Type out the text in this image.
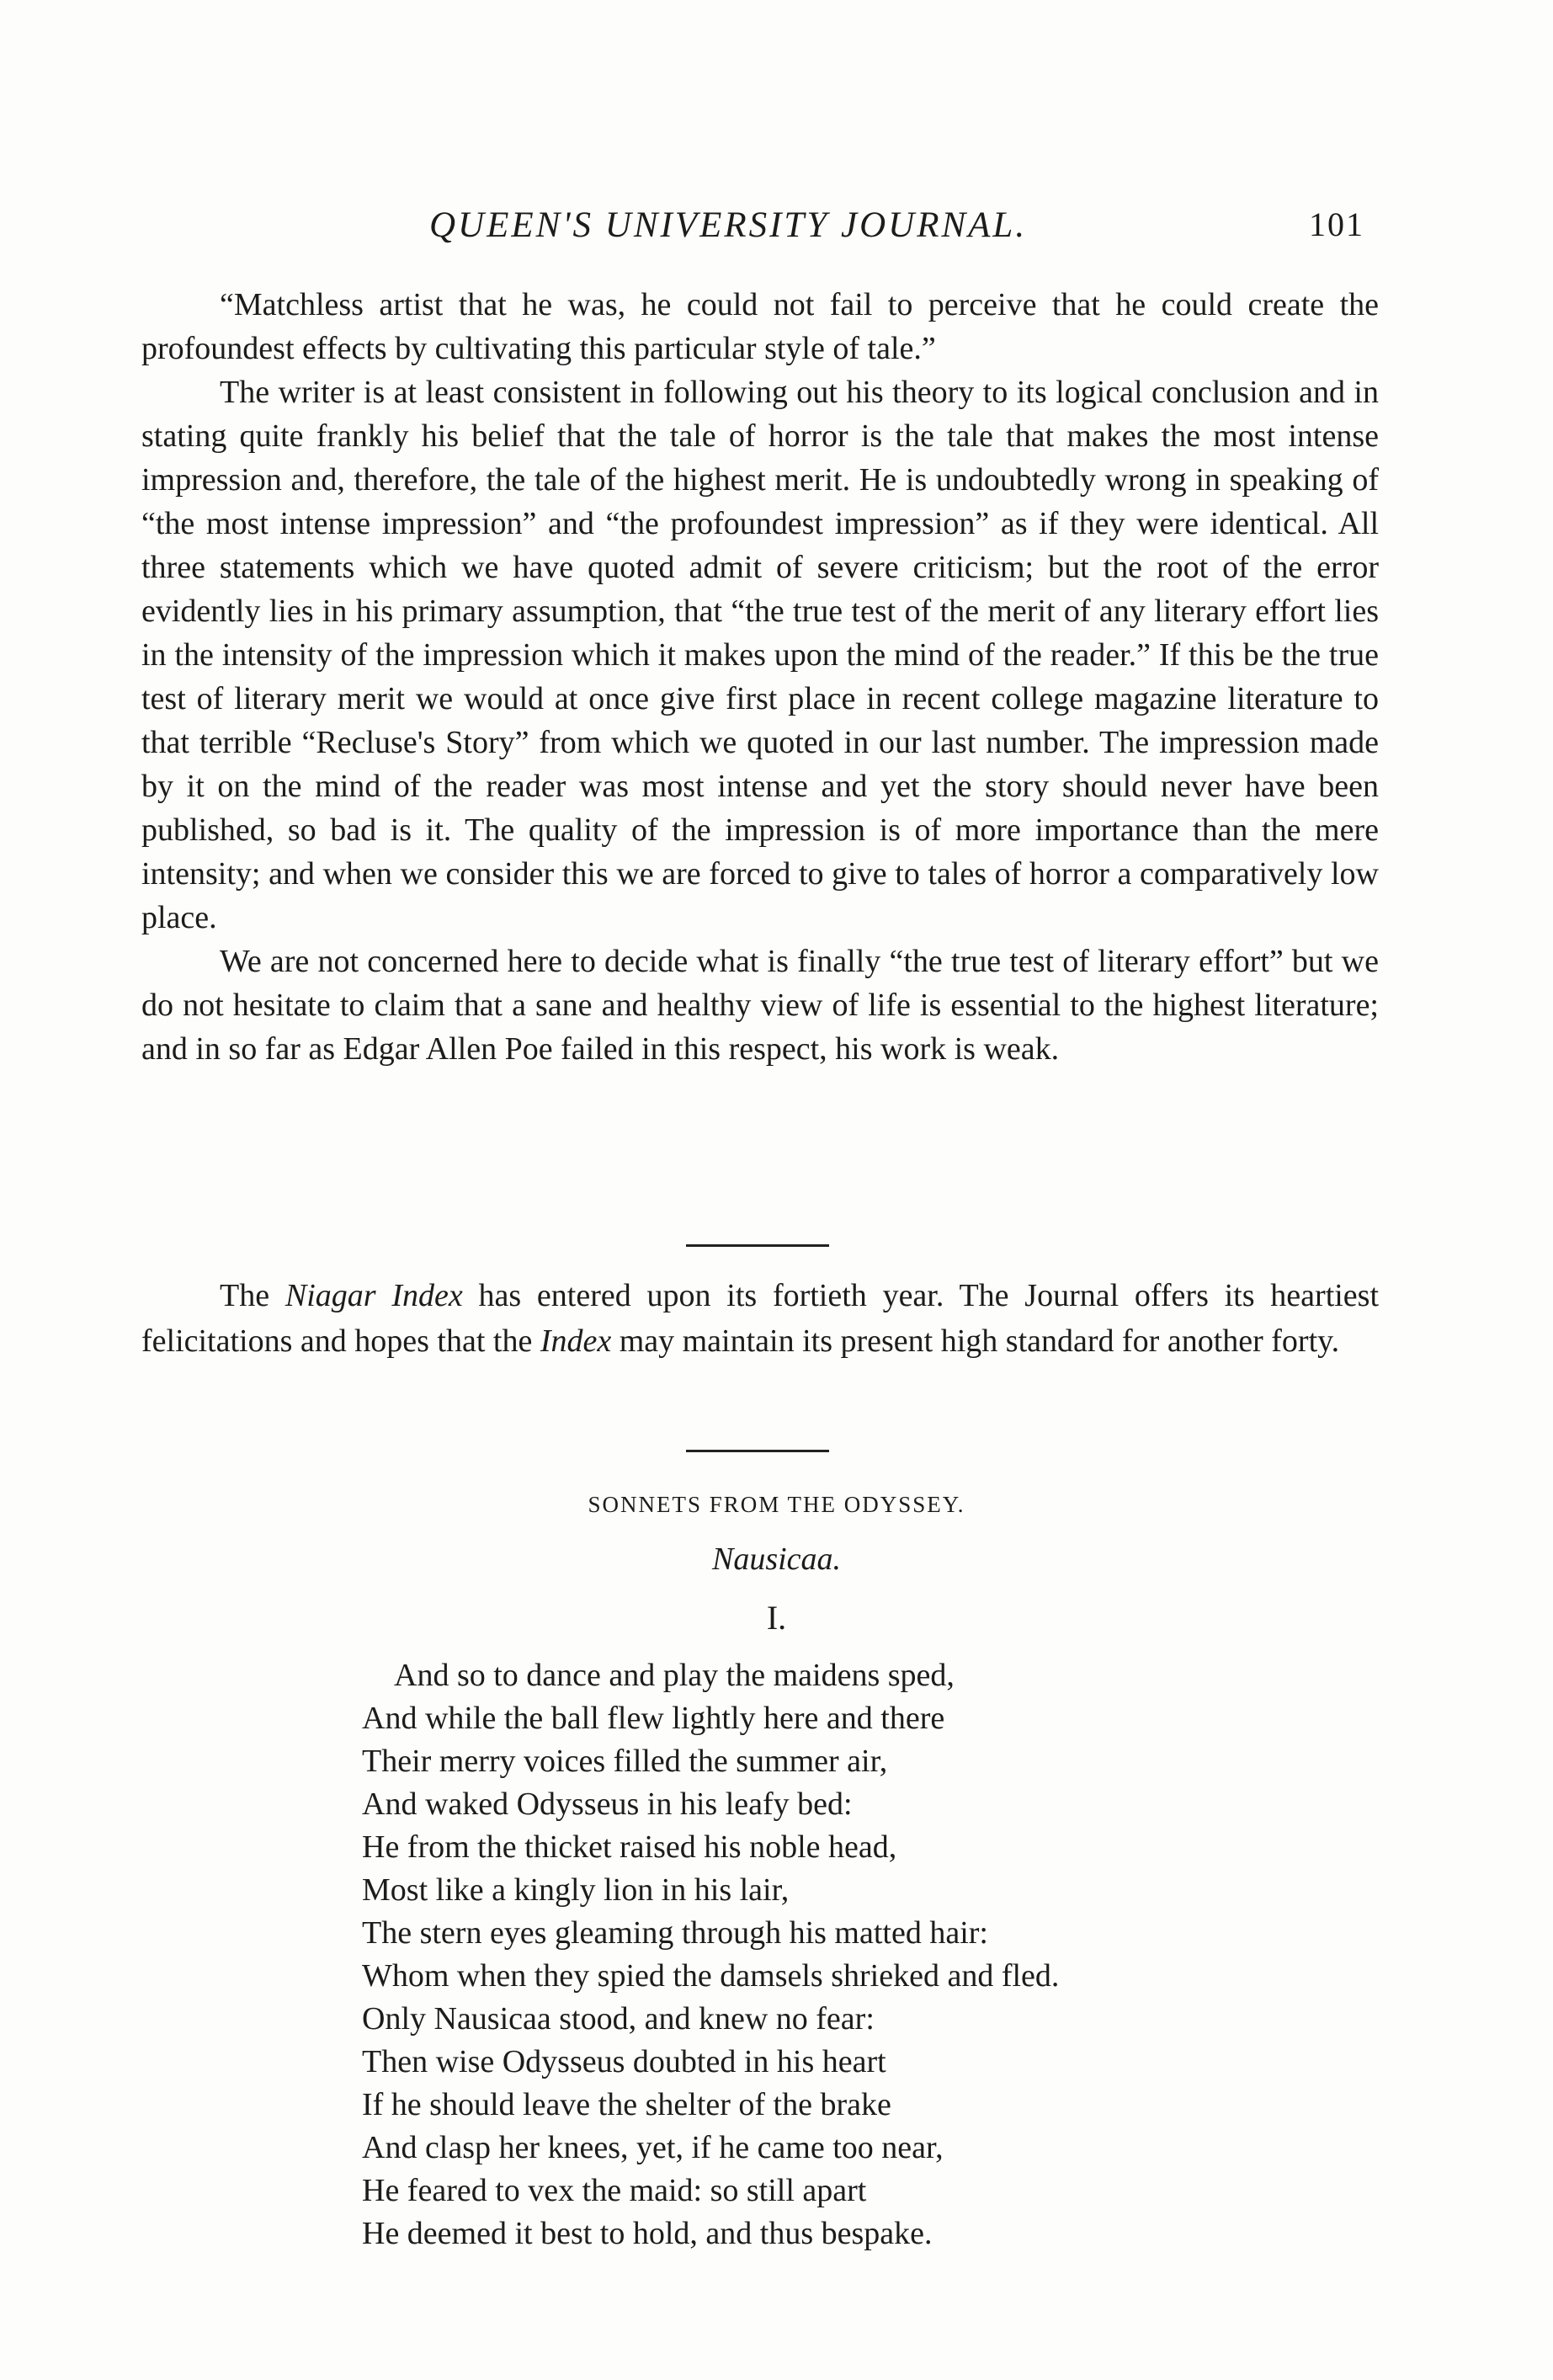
QUEEN'S UNIVERSITY JOURNAL.	101

“Matchless artist that he was, he could not fail to perceive that he could create the profoundest effects by cultivating this particular style of tale.”

The writer is at least consistent in following out his theory to its logical conclusion and in stating quite frankly his belief that the tale of horror is the tale that makes the most intense impression and, therefore, the tale of the highest merit. He is undoubtedly wrong in speaking of “the most intense impression” and “the profoundest impression” as if they were identical. All three statements which we have quoted admit of severe criticism; but the root of the error evidently lies in his primary assumption, that “the true test of the merit of any literary effort lies in the intensity of the impression which it makes upon the mind of the reader.” If this be the true test of literary merit we would at once give first place in recent college magazine literature to that terrible “Recluse's Story” from which we quoted in our last number. The impression made by it on the mind of the reader was most intense and yet the story should never have been published, so bad is it. The quality of the impression is of more importance than the mere intensity; and when we consider this we are forced to give to tales of horror a comparatively low place.

We are not concerned here to decide what is finally “the true test of literary effort” but we do not hesitate to claim that a sane and healthy view of life is essential to the highest literature; and in so far as Edgar Allen Poe failed in this respect, his work is weak.

The Niagar Index has entered upon its fortieth year. The Journal offers its heartiest felicitations and hopes that the Index may maintain its present high standard for another forty.

SONNETS FROM THE ODYSSEY.
Nausicaa.
I.
And so to dance and play the maidens sped,
And while the ball flew lightly here and there
Their merry voices filled the summer air,
And waked Odysseus in his leafy bed:
He from the thicket raised his noble head,
Most like a kingly lion in his lair,
The stern eyes gleaming through his matted hair:
Whom when they spied the damsels shrieked and fled.
Only Nausicaa stood, and knew no fear:
Then wise Odysseus doubted in his heart
If he should leave the shelter of the brake
And clasp her knees, yet, if he came too near,
He feared to vex the maid: so still apart
He deemed it best to hold, and thus bespake.
